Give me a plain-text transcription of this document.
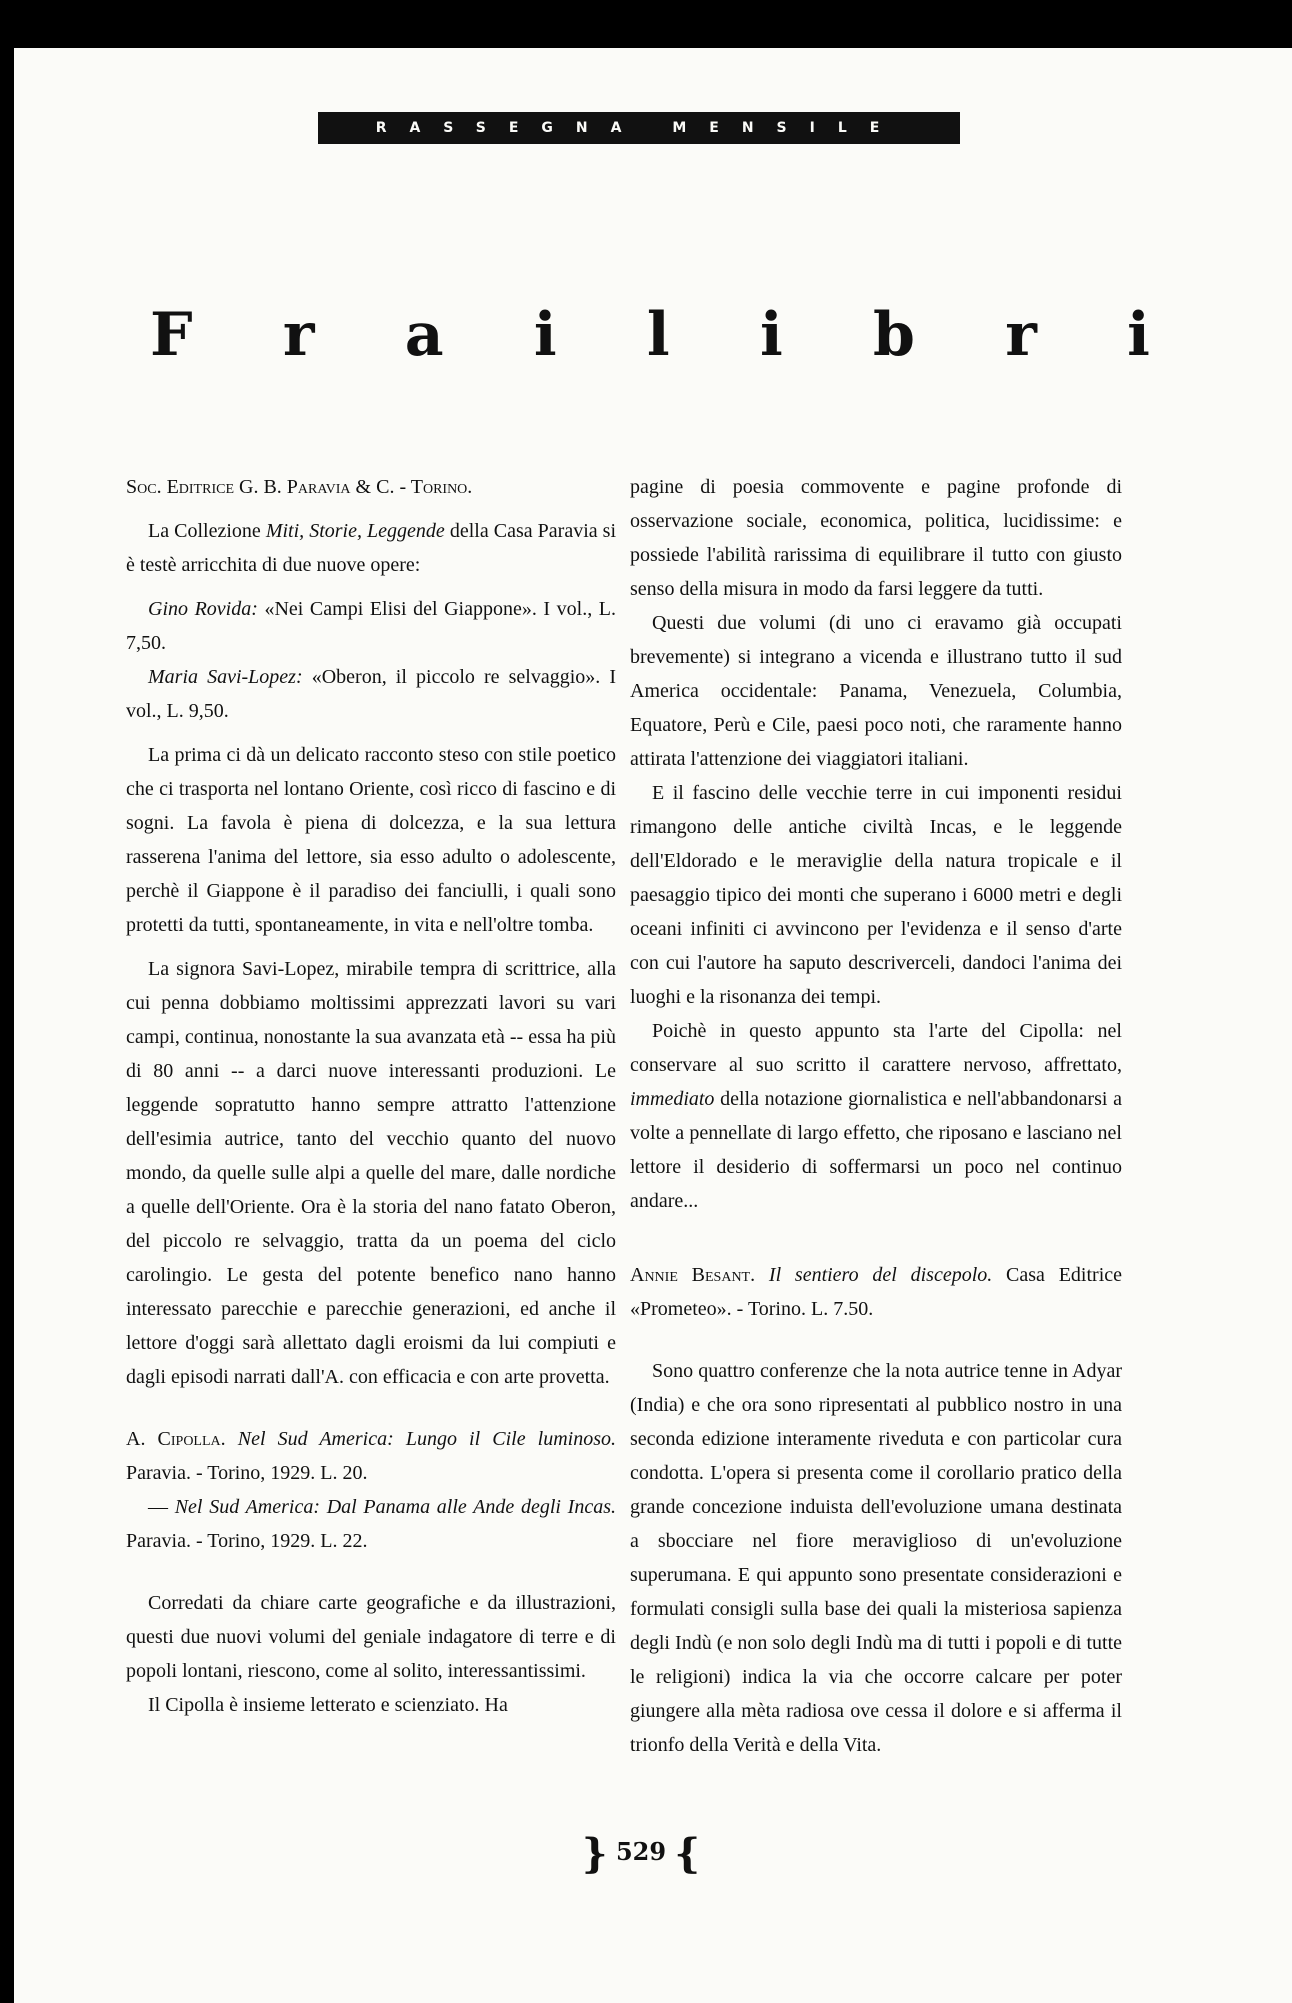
RASSEGNA MENSILE
F r a i l i b r i

Soc. Editrice G. B. Paravia & C. - Torino.

La Collezione Miti, Storie, Leggende della Casa Paravia si è testè arricchita di due nuove opere:

Gino Rovida: «Nei Campi Elisi del Giappone». I vol., L. 7,50.

Maria Savi-Lopez: «Oberon, il piccolo re selvaggio». I vol., L. 9,50.

La prima ci dà un delicato racconto steso con stile poetico che ci trasporta nel lontano Oriente, così ricco di fascino e di sogni. La favola è piena di dolcezza, e la sua lettura rasserena l'anima del lettore, sia esso adulto o adolescente, perchè il Giappone è il paradiso dei fanciulli, i quali sono protetti da tutti, spontaneamente, in vita e nell'oltre tomba.

La signora Savi-Lopez, mirabile tempra di scrittrice, alla cui penna dobbiamo moltissimi apprezzati lavori su vari campi, continua, nonostante la sua avanzata età -- essa ha più di 80 anni -- a darci nuove interessanti produzioni. Le leggende sopratutto hanno sempre attratto l'attenzione dell'esimia autrice, tanto del vecchio quanto del nuovo mondo, da quelle sulle alpi a quelle del mare, dalle nordiche a quelle dell'Oriente. Ora è la storia del nano fatato Oberon, del piccolo re selvaggio, tratta da un poema del ciclo carolingio. Le gesta del potente benefico nano hanno interessato parecchie e parecchie generazioni, ed anche il lettore d'oggi sarà allettato dagli eroismi da lui compiuti e dagli episodi narrati dall'A. con efficacia e con arte provetta.

A. Cipolla. Nel Sud America: Lungo il Cile luminoso. Paravia. - Torino, 1929. L. 20.

— Nel Sud America: Dal Panama alle Ande degli Incas. Paravia. - Torino, 1929. L. 22.

Corredati da chiare carte geografiche e da illustrazioni, questi due nuovi volumi del geniale indagatore di terre e di popoli lontani, riescono, come al solito, interessantissimi.

Il Cipolla è insieme letterato e scienziato. Ha

pagine di poesia commovente e pagine profonde di osservazione sociale, economica, politica, lucidissime: e possiede l'abilità rarissima di equilibrare il tutto con giusto senso della misura in modo da farsi leggere da tutti.

Questi due volumi (di uno ci eravamo già occupati brevemente) si integrano a vicenda e illustrano tutto il sud America occidentale: Panama, Venezuela, Columbia, Equatore, Perù e Cile, paesi poco noti, che raramente hanno attirata l'attenzione dei viaggiatori italiani.

E il fascino delle vecchie terre in cui imponenti residui rimangono delle antiche civiltà Incas, e le leggende dell'Eldorado e le meraviglie della natura tropicale e il paesaggio tipico dei monti che superano i 6000 metri e degli oceani infiniti ci avvincono per l'evidenza e il senso d'arte con cui l'autore ha saputo descriverceli, dandoci l'anima dei luoghi e la risonanza dei tempi.

Poichè in questo appunto sta l'arte del Cipolla: nel conservare al suo scritto il carattere nervoso, affrettato, immediato della notazione giornalistica e nell'abbandonarsi a volte a pennellate di largo effetto, che riposano e lasciano nel lettore il desiderio di soffermarsi un poco nel continuo andare...

Annie Besant. Il sentiero del discepolo. Casa Editrice «Prometeo». - Torino. L. 7.50.

Sono quattro conferenze che la nota autrice tenne in Adyar (India) e che ora sono ripresentati al pubblico nostro in una seconda edizione interamente riveduta e con particolar cura condotta. L'opera si presenta come il corollario pratico della grande concezione induista dell'evoluzione umana destinata a sbocciare nel fiore meraviglioso di un'evoluzione superumana. E qui appunto sono presentate considerazioni e formulati consigli sulla base dei quali la misteriosa sapienza degli Indù (e non solo degli Indù ma di tutti i popoli e di tutte le religioni) indica la via che occorre calcare per poter giungere alla mèta radiosa ove cessa il dolore e si afferma il trionfo della Verità e della Vita.

} 529 {
